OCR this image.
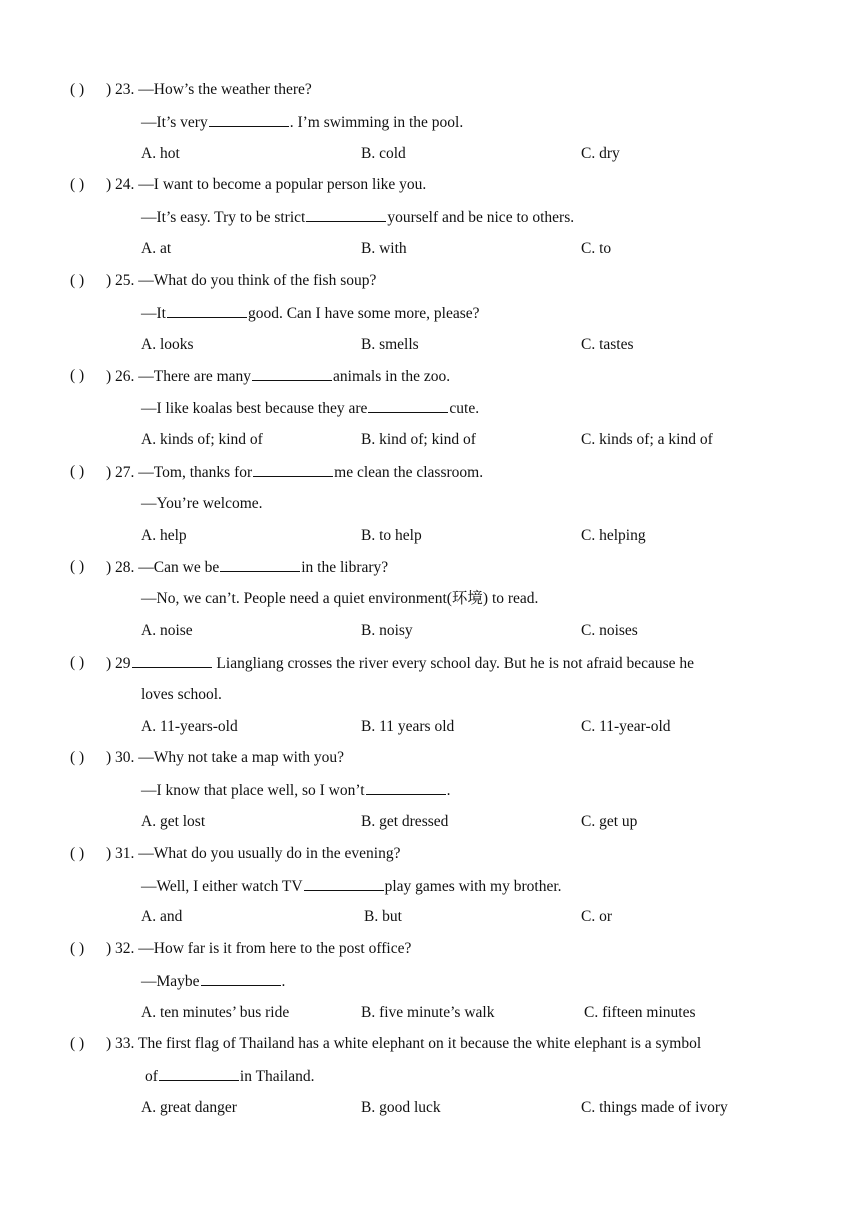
( ) ) 23. —How’s the weather there?
—It’s very	. I’m swimming in the pool.
A. hot	B. cold	C. dry
( ) ) 24. —I want to become a popular person like you.
—It’s easy. Try to be strict	yourself and be nice to others.
A. at	B. with	C. to
( ) ) 25. —What do you think of the fish soup?
—It	good. Can I have some more, please?
A. looks	B. smells	C. tastes
( ) ) 26. —There are many	animals in the zoo.
—I like koalas best because they are	cute.
A. kinds of; kind of	B. kind of; kind of	C. kinds of; a kind of
( ) ) 27. —Tom, thanks for	me clean the classroom.
—You’re welcome.
A. help	B. to help	C. helping
( ) ) 28. —Can we be	in the library?
—No, we can’t. People need a quiet environment(环境) to read.
A. noise	B. noisy	C. noises
( ) ) 29	Liangliang crosses the river every school day. But he is not afraid because he
loves school.
A. 11-years-old	B. 11 years old	C. 11-year-old
( ) ) 30. —Why not take a map with you?
—I know that place well, so I won’t	.
A. get lost	B. get dressed	C. get up
( ) ) 31. —What do you usually do in the evening?
—Well, I either watch TV	play games with my brother.
A. and	B. but	C. or
( ) ) 32. —How far is it from here to the post office?
—Maybe	.
A. ten minutes’ bus ride	B. five minute’s walk	C. fifteen minutes
( ) ) 33. The first flag of Thailand has a white elephant on it because the white elephant is a symbol
of	in Thailand.
A. great danger	B. good luck	C. things made of ivory
